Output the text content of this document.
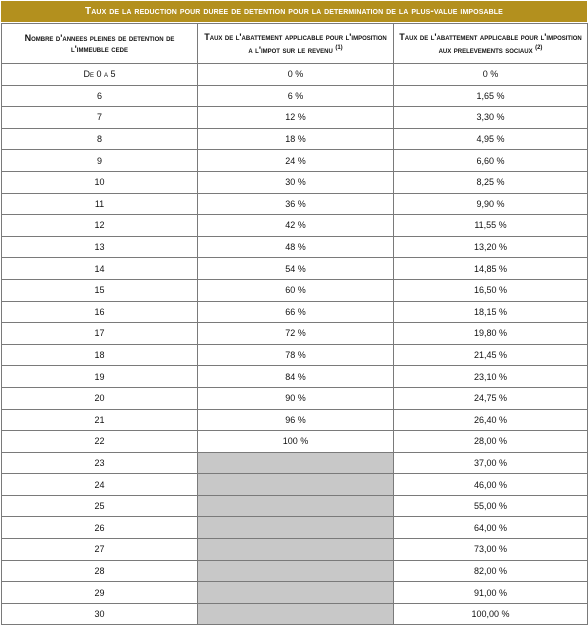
Taux de la reduction pour duree de detention pour la determination de la plus-value imposable
Nombre d'annees pleines de detention de l'immeuble cede	Taux de l'abattement applicable pour l'imposition a l'impot sur le revenu $^{(1)}$	Taux de l'abattement applicable pour l'imposition aux prelevements sociaux $^{(2)}$
De 0 a 5	0 %	0 %
6	6 %	1,65 %
7	12 %	3,30 %
8	18 %	4,95 %
9	24 %	6,60 %
10	30 %	8,25 %
11	36 %	9,90 %
12	42 %	11,55 %
13	48 %	13,20 %
14	54 %	14,85 %
15	60 %	16,50 %
16	66 %	18,15 %
17	72 %	19,80 %
18	78 %	21,45 %
19	84 %	23,10 %
20	90 %	24,75 %
21	96 %	26,40 %
22	100 %	28,00 %
23		37,00 %
24		46,00 %
25		55,00 %
26		64,00 %
27		73,00 %
28		82,00 %
29		91,00 %
30		100,00 %
